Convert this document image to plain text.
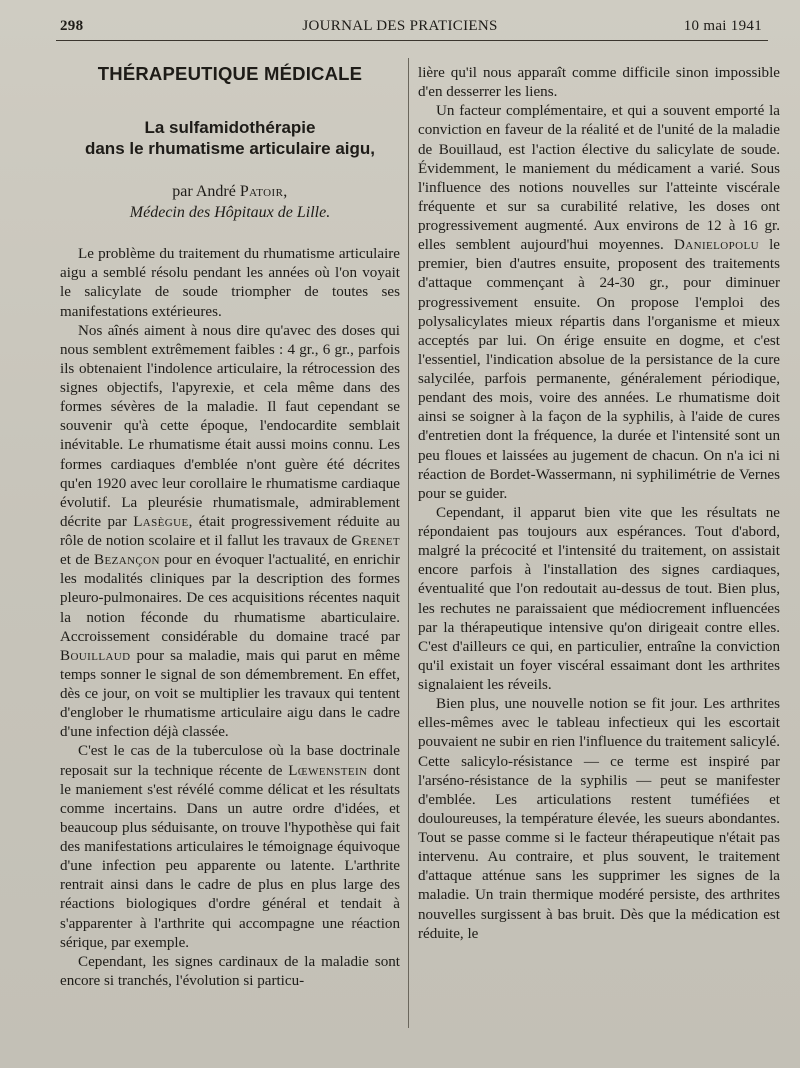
298	JOURNAL DES PRATICIENS	10 mai 1941
THÉRAPEUTIQUE MÉDICALE
La sulfamidothérapie
dans le rhumatisme articulaire aigu,

par André Patoir,

Médecin des Hôpitaux de Lille.

Le problème du traitement du rhumatisme articulaire aigu a semblé résolu pendant les années où l'on voyait le salicylate de soude triompher de toutes ses manifestations extérieures.

Nos aînés aiment à nous dire qu'avec des doses qui nous semblent extrêmement faibles : 4 gr., 6 gr., parfois ils obtenaient l'indolence articulaire, la rétrocession des signes objectifs, l'apyrexie, et cela même dans des formes sévères de la maladie. Il faut cependant se souvenir qu'à cette époque, l'endocardite semblait inévitable. Le rhumatisme était aussi moins connu. Les formes cardiaques d'emblée n'ont guère été décrites qu'en 1920 avec leur corollaire le rhumatisme cardiaque évolutif. La pleurésie rhumatismale, admirablement décrite par Lasègue, était progressivement réduite au rôle de notion scolaire et il fallut les travaux de Grenet et de Bezançon pour en évoquer l'actualité, en enrichir les modalités cliniques par la description des formes pleuro-pulmonaires. De ces acquisitions récentes naquit la notion féconde du rhumatisme abarticulaire. Accroissement considérable du domaine tracé par Bouillaud pour sa maladie, mais qui parut en même temps sonner le signal de son démembrement. En effet, dès ce jour, on voit se multiplier les travaux qui tentent d'englober le rhumatisme articulaire aigu dans le cadre d'une infection déjà classée.

C'est le cas de la tuberculose où la base doctrinale reposait sur la technique récente de Lœwenstein dont le maniement s'est révélé comme délicat et les résultats comme incertains. Dans un autre ordre d'idées, et beaucoup plus séduisante, on trouve l'hypothèse qui fait des manifestations articulaires le témoignage équivoque d'une infection peu apparente ou latente. L'arthrite rentrait ainsi dans le cadre de plus en plus large des réactions biologiques d'ordre général et tendait à s'apparenter à l'arthrite qui accompagne une réaction sérique, par exemple.

Cependant, les signes cardinaux de la maladie sont encore si tranchés, l'évolution si particu-

lière qu'il nous apparaît comme difficile sinon impossible d'en desserrer les liens.

Un facteur complémentaire, et qui a souvent emporté la conviction en faveur de la réalité et de l'unité de la maladie de Bouillaud, est l'action élective du salicylate de soude. Évidemment, le maniement du médicament a varié. Sous l'influence des notions nouvelles sur l'atteinte viscérale fréquente et sur sa curabilité relative, les doses ont progressivement augmenté. Aux environs de 12 à 16 gr. elles semblent aujourd'hui moyennes. Danielopolu le premier, bien d'autres ensuite, proposent des traitements d'attaque commençant à 24-30 gr., pour diminuer progressivement ensuite. On propose l'emploi des polysalicylates mieux répartis dans l'organisme et mieux acceptés par lui. On érige ensuite en dogme, et c'est l'essentiel, l'indication absolue de la persistance de la cure salycilée, parfois permanente, généralement périodique, pendant des mois, voire des années. Le rhumatisme doit ainsi se soigner à la façon de la syphilis, à l'aide de cures d'entretien dont la fréquence, la durée et l'intensité sont un peu floues et laissées au jugement de chacun. On n'a ici ni réaction de Bordet-Wassermann, ni syphilimétrie de Vernes pour se guider.

Cependant, il apparut bien vite que les résultats ne répondaient pas toujours aux espérances. Tout d'abord, malgré la précocité et l'intensité du traitement, on assistait encore parfois à l'installation des signes cardiaques, éventualité que l'on redoutait au-dessus de tout. Bien plus, les rechutes ne paraissaient que médiocrement influencées par la thérapeutique intensive qu'on dirigeait contre elles. C'est d'ailleurs ce qui, en particulier, entraîne la conviction qu'il existait un foyer viscéral essaimant dont les arthrites signalaient les réveils.

Bien plus, une nouvelle notion se fit jour. Les arthrites elles-mêmes avec le tableau infectieux qui les escortait pouvaient ne subir en rien l'influence du traitement salicylé. Cette salicylo-résistance — ce terme est inspiré par l'arséno-résistance de la syphilis — peut se manifester d'emblée. Les articulations restent tuméfiées et douloureuses, la température élevée, les sueurs abondantes. Tout se passe comme si le facteur thérapeutique n'était pas intervenu. Au contraire, et plus souvent, le traitement d'attaque atténue sans les supprimer les signes de la maladie. Un train thermique modéré persiste, des arthrites nouvelles surgissent à bas bruit. Dès que la médication est réduite, le
